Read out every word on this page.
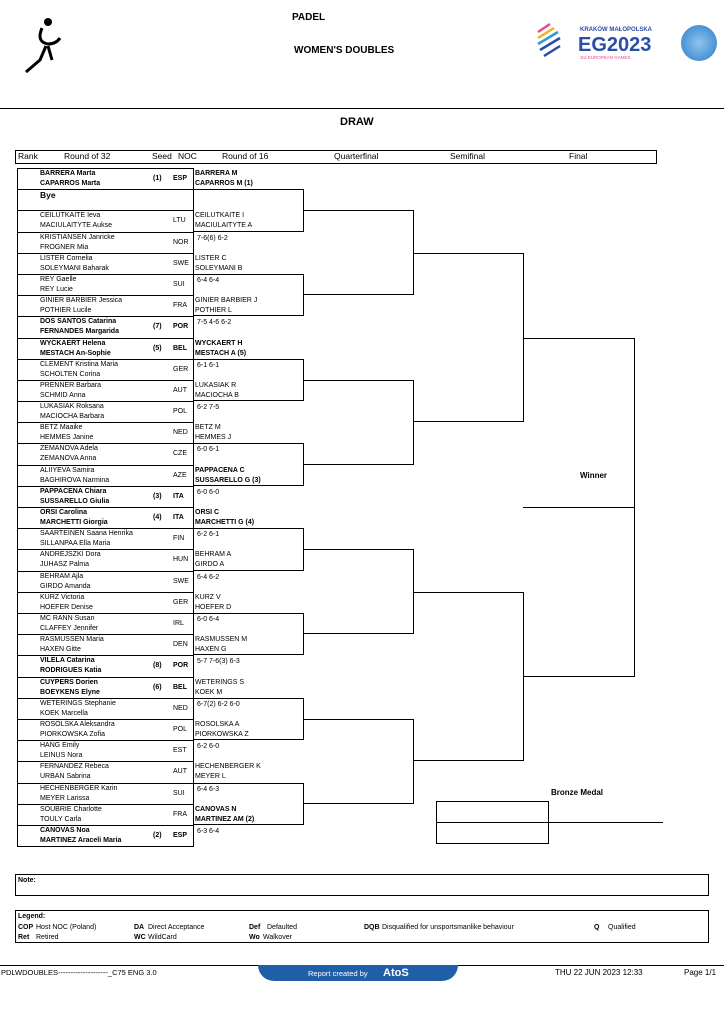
PADEL
WOMEN'S DOUBLES
KRAKÓW MAŁOPOLSKA
EG2023
3rd EUROPEAN GAMES
DRAW
Rank	Round of 32	Seed NOC	Round of 16	Quarterfinal	Semifinal	Final
BARRERA Marta
CAPARROS Marta
(1) ESP
Bye
CEILUTKAITE Ieva
MACIULAITYTE Aukse
LTU
KRISTIANSEN Janricke
FROGNER Mia
NOR
LISTER Cornelia
SOLEYMANI Baharak
SWE
REY Gaelle
REY Lucie
SUI
GINIER BARBIER Jessica
POTHIER Lucile
FRA
DOS SANTOS Catarina
FERNANDES Margarida
(7) POR
WYCKAERT Helena
MESTACH An-Sophie
(5) BEL
CLEMENT Kristina Maria
SCHOLTEN Corina
GER
PRENNER Barbara
SCHMID Anna
AUT
LUKASIAK Roksana
MACIOCHA Barbara
POL
BETZ Maaike
HEMMES Janine
NED
ZEMANOVA Adela
ZEMANOVA Anna
CZE
ALIIYEVA Samira
BAGHIROVA Narmina
AZE
PAPPACENA Chiara
SUSSARELLO Giulia
(3) ITA
ORSI Carolina
MARCHETTI Giorgia
(4) ITA
SAARTEINEN Saana Henrika
SILLANPAA Ella Maria
FIN
ANDREJSZKI Dora
JUHASZ Palma
HUN
BEHRAM Ajla
GIRDO Amanda
SWE
KURZ Victoria
HOEFER Denise
GER
MC RANN Susan
CLAFFEY Jennifer
IRL
RASMUSSEN Maria
HAXEN Gitte
DEN
VILELA Catarina
RODRIGUES Katia
(8) POR
CUYPERS Dorien
BOEYKENS Elyne
(6) BEL
WETERINGS Stephanie
KOEK Marcella
NED
ROSOLSKA Aleksandra
PIORKOWSKA Zofia
POL
HANG Emily
LEINUS Nora
EST
FERNANDEZ Rebeca
URBAN Sabrina
AUT
HECHENBERGER Karin
MEYER Larissa
SUI
SOUBRIE Charlotte
TOULY Carla
FRA
CANOVAS Noa
MARTINEZ Araceli Maria
(2) ESP
BARRERA M
CAPARROS M (1)
CEILUTKAITE I
MACIULAITYTE A
7-6(6) 6-2
LISTER C
SOLEYMANI B
6-4 6-4
GINIER BARBIER J
POTHIER L
7-5 4-6 6-2
WYCKAERT H
MESTACH A (5)
6-1 6-1
LUKASIAK R
MACIOCHA B
6-2 7-5
BETZ M
HEMMES J
6-0 6-1
PAPPACENA C
SUSSARELLO G (3)
6-0 6-0
ORSI C
MARCHETTI G (4)
6-2 6-1
BEHRAM A
GIRDO A
6-4 6-2
KURZ V
HOEFER D
6-0 6-4
RASMUSSEN M
HAXEN G
5-7 7-6(3) 6-3
WETERINGS S
KOEK M
6-7(2) 6-2 6-0
ROSOLSKA A
PIORKOWSKA Z
6-2 6-0
HECHENBERGER K
MEYER L
6-4 6-3
CANOVAS N
MARTINEZ AM (2)
6-3 6-4
Winner
Bronze Medal
Note:
Legend:
COP Host NOC (Poland)	DA Direct Acceptance	Def Defaulted	DQB Disqualified for unsportsmanlike behaviour	Q Qualified
Ret Retired	WC WildCard	Wo Walkover
PDLWDOUBLES--------------------_C75 ENG 3.0	Report created by AtoS	THU 22 JUN 2023 12:33	Page 1/1
